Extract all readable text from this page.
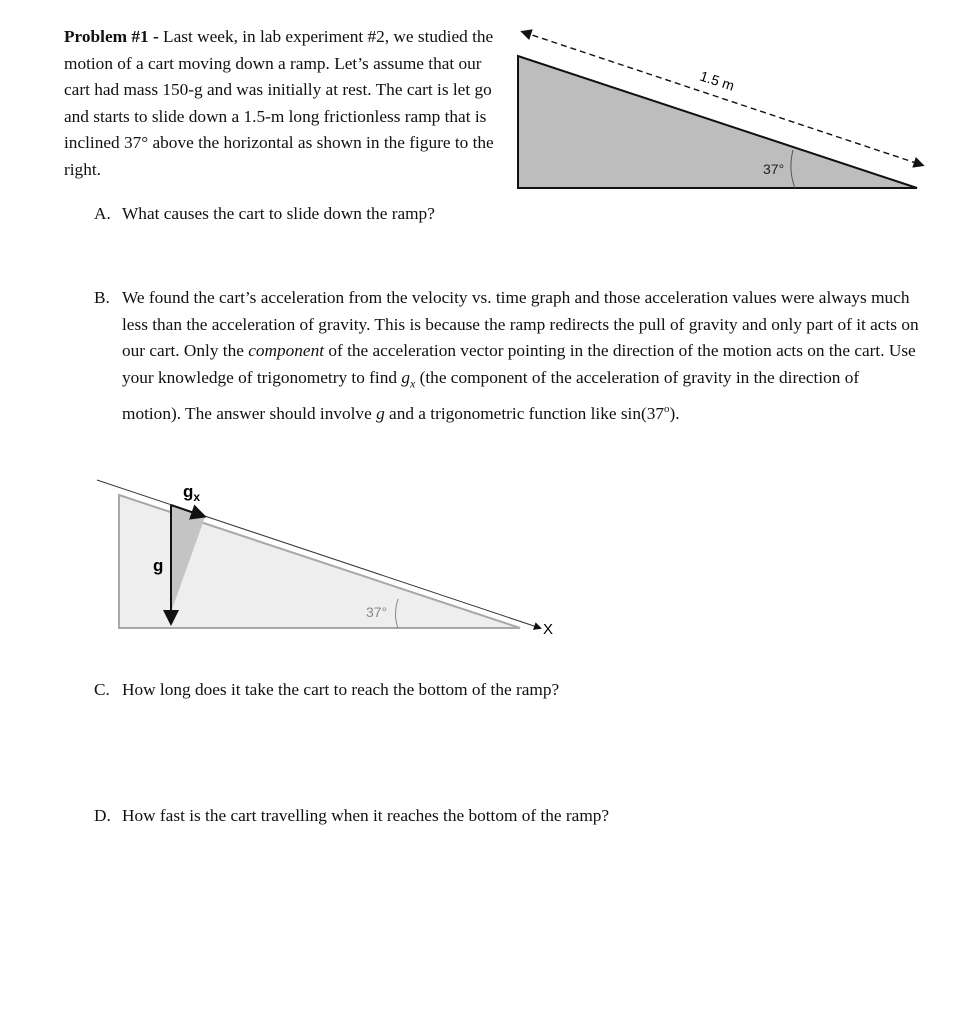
Problem #1 - Last week, in lab experiment #2, we studied the motion of a cart moving down a ramp. Let’s assume that our cart had mass 150-g and was initially at rest. The cart is let go and starts to slide down a 1.5-m long frictionless ramp that is inclined 37° above the horizontal as shown in the figure to the right.

1.5 m
37°
g
$g_x$
37°
X
A. What causes the cart to slide down the ramp?
B. We found the cart’s acceleration from the velocity vs. time graph and those acceleration values were always much less than the acceleration of gravity. This is because the ramp redirects the pull of gravity and only part of it acts on our cart. Only the component of the acceleration vector pointing in the direction of the motion acts on the cart. Use your knowledge of trigonometry to find $g_x$ (the component of the acceleration of gravity in the direction of motion). The answer should involve g and a trigonometric function like sin(37$^o$).

C. How long does it take the cart to reach the bottom of the ramp?
D. How fast is the cart travelling when it reaches the bottom of the ramp?
